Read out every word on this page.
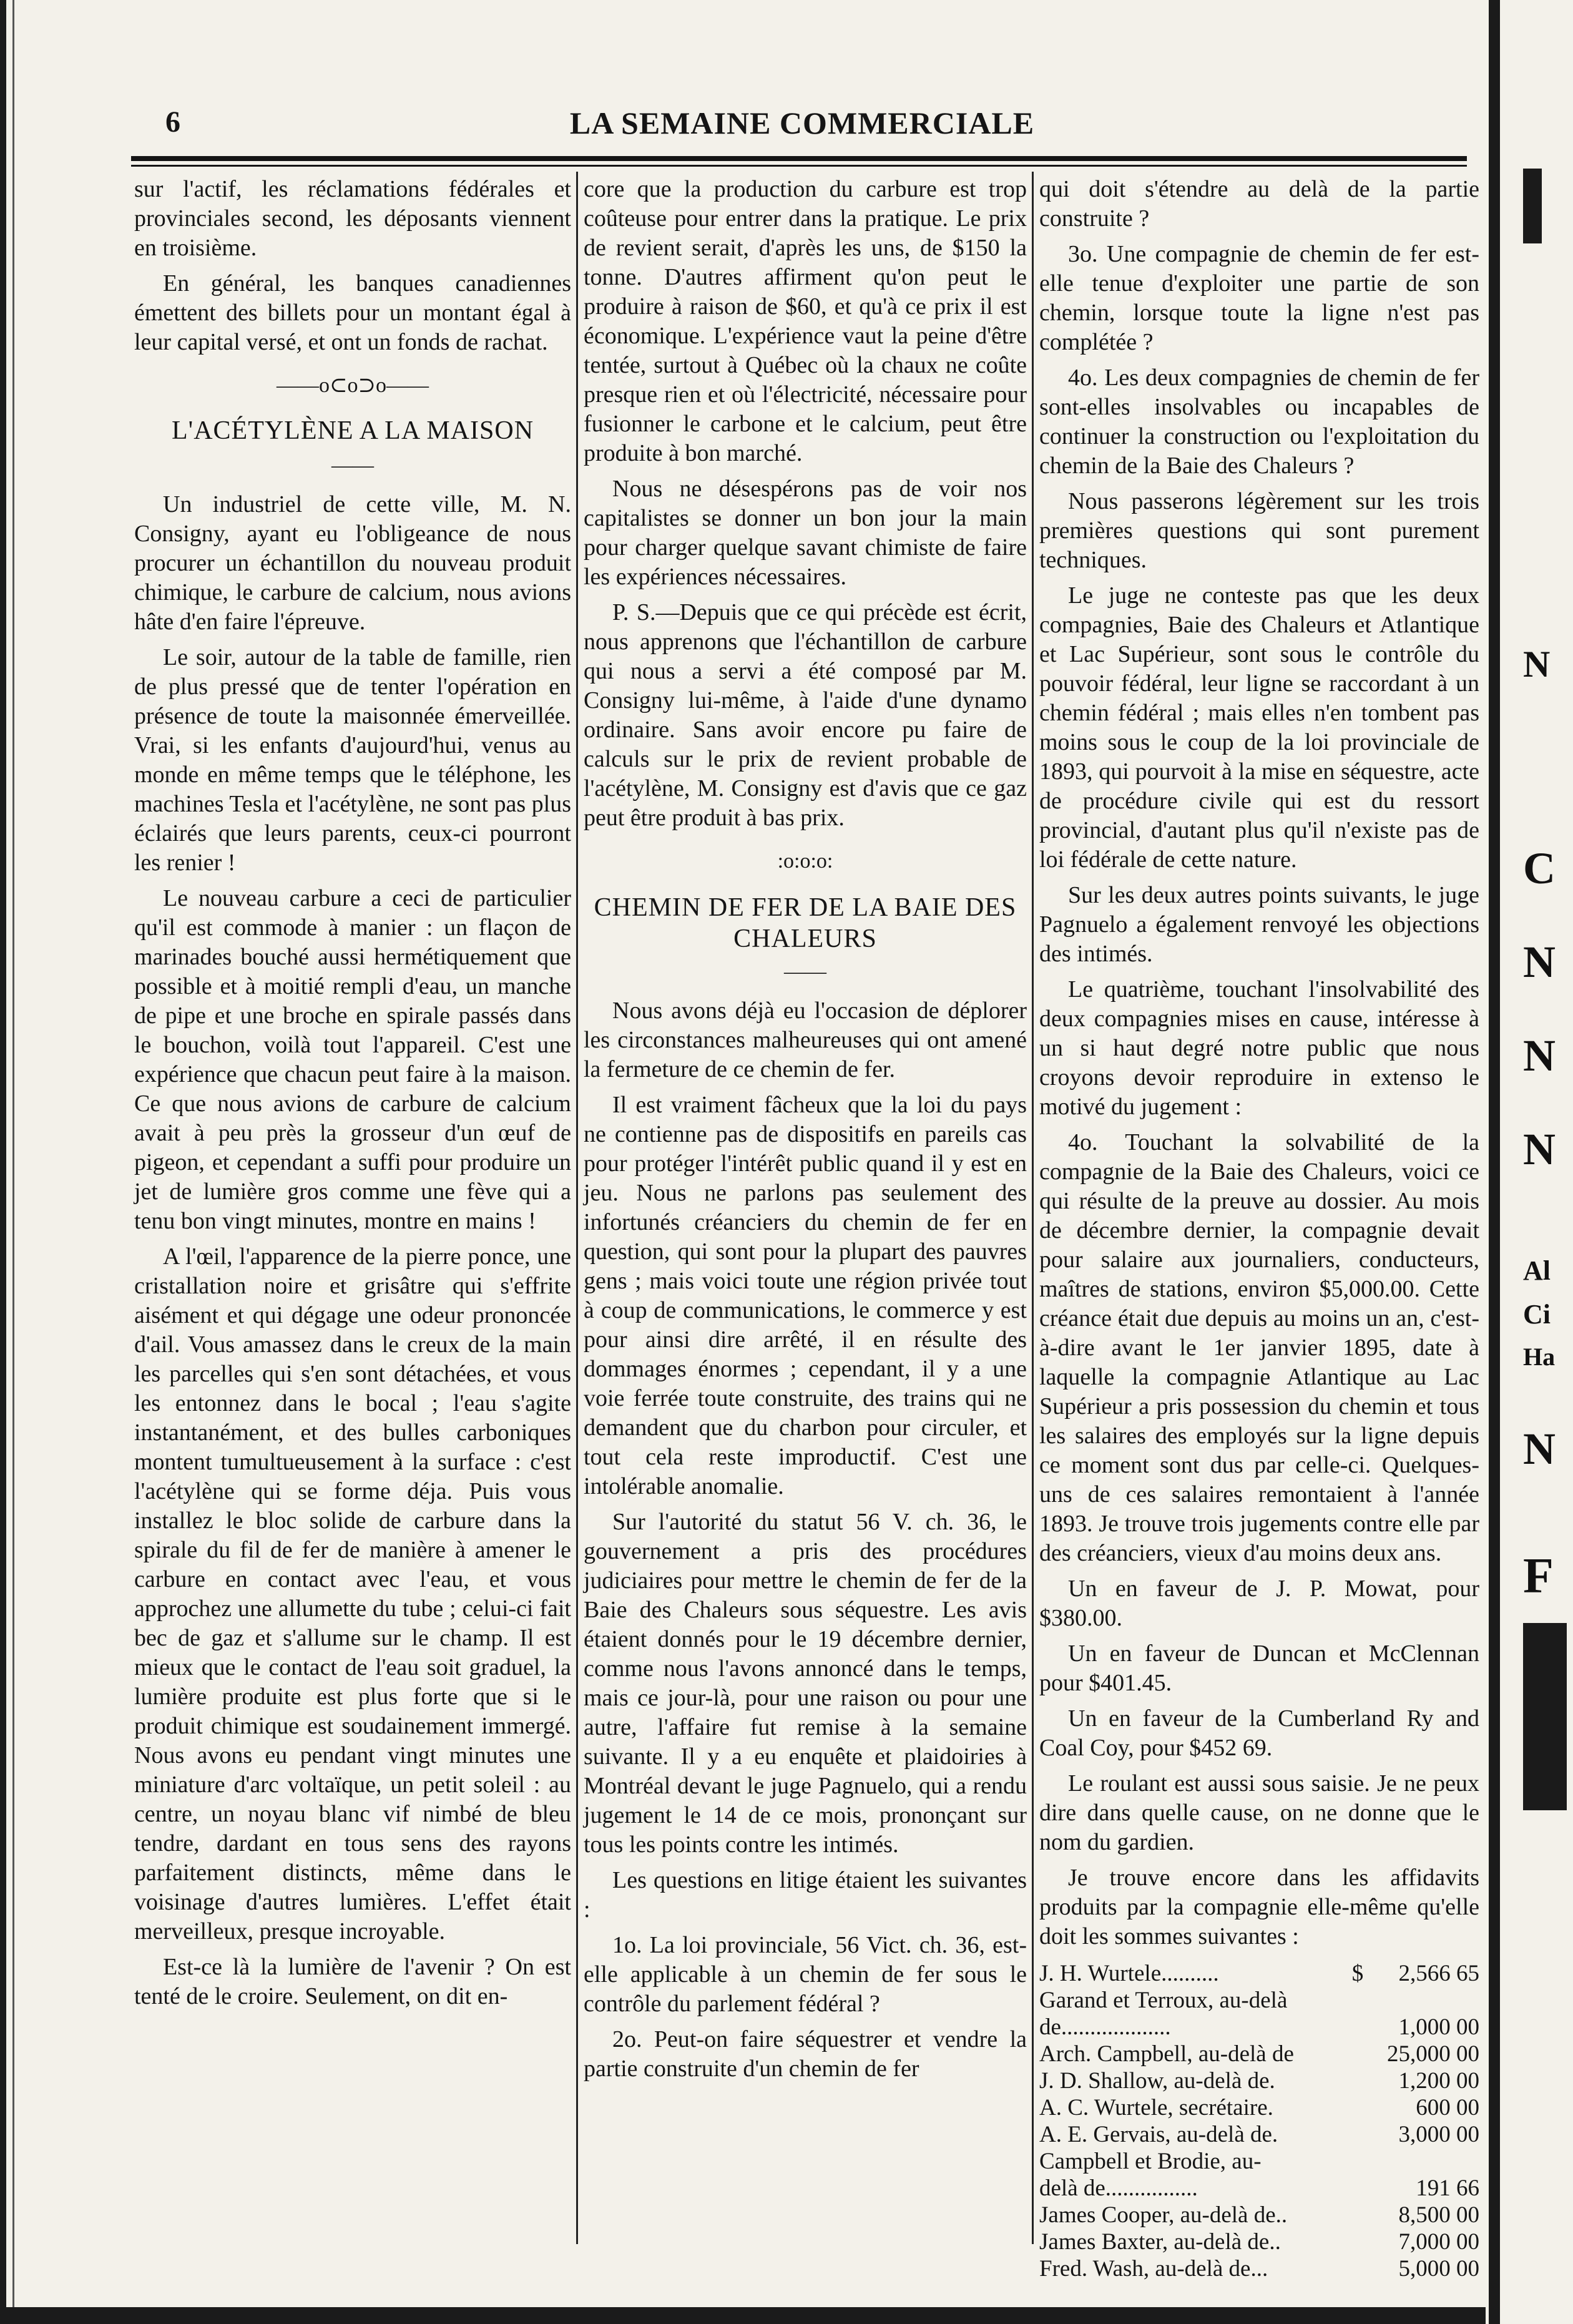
6	LA SEMAINE COMMERCIALE

sur l'actif, les réclamations fédérales et provinciales second, les déposants viennent en troisième.

En général, les banques canadiennes émettent des billets pour un montant égal à leur capital versé, et ont un fonds de rachat.

——o⊂o⊃o——
L'ACÉTYLÈNE A LA MAISON
——

Un industriel de cette ville, M. N. Consigny, ayant eu l'obligeance de nous procurer un échantillon du nouveau produit chimique, le carbure de calcium, nous avions hâte d'en faire l'épreuve.

Le soir, autour de la table de famille, rien de plus pressé que de tenter l'opération en présence de toute la maisonnée émerveillée. Vrai, si les enfants d'aujourd'hui, venus au monde en même temps que le téléphone, les machines Tesla et l'acétylène, ne sont pas plus éclairés que leurs parents, ceux-ci pourront les renier !

Le nouveau carbure a ceci de particulier qu'il est commode à manier : un flaçon de marinades bouché aussi hermétiquement que possible et à moitié rempli d'eau, un manche de pipe et une broche en spirale passés dans le bouchon, voilà tout l'appareil. C'est une expérience que chacun peut faire à la maison. Ce que nous avions de carbure de calcium avait à peu près la grosseur d'un œuf de pigeon, et cependant a suffi pour produire un jet de lumière gros comme une fève qui a tenu bon vingt minutes, montre en mains !

A l'œil, l'apparence de la pierre ponce, une cristallation noire et grisâtre qui s'effrite aisément et qui dégage une odeur prononcée d'ail. Vous amassez dans le creux de la main les parcelles qui s'en sont détachées, et vous les entonnez dans le bocal ; l'eau s'agite instantanément, et des bulles carboniques montent tumultueusement à la surface : c'est l'acétylène qui se forme déja. Puis vous installez le bloc solide de carbure dans la spirale du fil de fer de manière à amener le carbure en contact avec l'eau, et vous approchez une allumette du tube ; celui-ci fait bec de gaz et s'allume sur le champ. Il est mieux que le contact de l'eau soit graduel, la lumière produite est plus forte que si le produit chimique est soudainement immergé. Nous avons eu pendant vingt minutes une miniature d'arc voltaïque, un petit soleil : au centre, un noyau blanc vif nimbé de bleu tendre, dardant en tous sens des rayons parfaitement distincts, même dans le voisinage d'autres lumières. L'effet était merveilleux, presque incroyable.

Est-ce là la lumière de l'avenir ? On est tenté de le croire. Seulement, on dit en-

core que la production du carbure est trop coûteuse pour entrer dans la pratique. Le prix de revient serait, d'après les uns, de $150 la tonne. D'autres affirment qu'on peut le produire à raison de $60, et qu'à ce prix il est économique. L'expérience vaut la peine d'être tentée, surtout à Québec où la chaux ne coûte presque rien et où l'électricité, nécessaire pour fusionner le carbone et le calcium, peut être produite à bon marché.

Nous ne désespérons pas de voir nos capitalistes se donner un bon jour la main pour charger quelque savant chimiste de faire les expériences nécessaires.

P. S.—Depuis que ce qui précède est écrit, nous apprenons que l'échantillon de carbure qui nous a servi a été composé par M. Consigny lui-même, à l'aide d'une dynamo ordinaire. Sans avoir encore pu faire de calculs sur le prix de revient probable de l'acétylène, M. Consigny est d'avis que ce gaz peut être produit à bas prix.

:o:o:o:
CHEMIN DE FER DE LA BAIE DES CHALEURS
——

Nous avons déjà eu l'occasion de déplorer les circonstances malheureuses qui ont amené la fermeture de ce chemin de fer.

Il est vraiment fâcheux que la loi du pays ne contienne pas de dispositifs en pareils cas pour protéger l'intérêt public quand il y est en jeu. Nous ne parlons pas seulement des infortunés créanciers du chemin de fer en question, qui sont pour la plupart des pauvres gens ; mais voici toute une région privée tout à coup de communications, le commerce y est pour ainsi dire arrêté, il en résulte des dommages énormes ; cependant, il y a une voie ferrée toute construite, des trains qui ne demandent que du charbon pour circuler, et tout cela reste improductif. C'est une intolérable anomalie.

Sur l'autorité du statut 56 V. ch. 36, le gouvernement a pris des procédures judiciaires pour mettre le chemin de fer de la Baie des Chaleurs sous séquestre. Les avis étaient donnés pour le 19 décembre dernier, comme nous l'avons annoncé dans le temps, mais ce jour-là, pour une raison ou pour une autre, l'affaire fut remise à la semaine suivante. Il y a eu enquête et plaidoiries à Montréal devant le juge Pagnuelo, qui a rendu jugement le 14 de ce mois, prononçant sur tous les points contre les intimés.

Les questions en litige étaient les suivantes :

1o. La loi provinciale, 56 Vict. ch. 36, est-elle applicable à un chemin de fer sous le contrôle du parlement fédéral ?

2o. Peut-on faire séquestrer et vendre la partie construite d'un chemin de fer

qui doit s'étendre au delà de la partie construite ?

3o. Une compagnie de chemin de fer est-elle tenue d'exploiter une partie de son chemin, lorsque toute la ligne n'est pas complétée ?

4o. Les deux compagnies de chemin de fer sont-elles insolvables ou incapables de continuer la construction ou l'exploitation du chemin de la Baie des Chaleurs ?

Nous passerons légèrement sur les trois premières questions qui sont purement techniques.

Le juge ne conteste pas que les deux compagnies, Baie des Chaleurs et Atlantique et Lac Supérieur, sont sous le contrôle du pouvoir fédéral, leur ligne se raccordant à un chemin fédéral ; mais elles n'en tombent pas moins sous le coup de la loi provinciale de 1893, qui pourvoit à la mise en séquestre, acte de procédure civile qui est du ressort provincial, d'autant plus qu'il n'existe pas de loi fédérale de cette nature.

Sur les deux autres points suivants, le juge Pagnuelo a également renvoyé les objections des intimés.

Le quatrième, touchant l'insolvabilité des deux compagnies mises en cause, intéresse à un si haut degré notre public que nous croyons devoir reproduire in extenso le motivé du jugement :

4o. Touchant la solvabilité de la compagnie de la Baie des Chaleurs, voici ce qui résulte de la preuve au dossier. Au mois de décembre dernier, la compagnie devait pour salaire aux journaliers, conducteurs, maîtres de stations, environ $5,000.00. Cette créance était due depuis au moins un an, c'est-à-dire avant le 1er janvier 1895, date à laquelle la compagnie Atlantique au Lac Supérieur a pris possession du chemin et tous les salaires des employés sur la ligne depuis ce moment sont dus par celle-ci. Quelques-uns de ces salaires remontaient à l'année 1893. Je trouve trois jugements contre elle par des créanciers, vieux d'au moins deux ans.

Un en faveur de J. P. Mowat, pour $380.00.

Un en faveur de Duncan et McClennan pour $401.45.

Un en faveur de la Cumberland Ry and Coal Coy, pour $452 69.

Le roulant est aussi sous saisie. Je ne peux dire dans quelle cause, on ne donne que le nom du gardien.

Je trouve encore dans les affidavits produits par la compagnie elle-même qu'elle doit les sommes suivantes :

J. H. Wurtele..........	$	2,566 65
Garand et Terroux, au-delà
de...................	1,000 00
Arch. Campbell, au-delà de	25,000 00
J. D. Shallow, au-delà de.	1,200 00
A. C. Wurtele, secrétaire.	600 00
A. E. Gervais, au-delà de.	3,000 00
Campbell et Brodie, au-
delà de................	191 66
James Cooper, au-delà de..	8,500 00
James Baxter, au-delà de..	7,000 00
Fred. Wash, au-delà de...	5,000 00
N
C
N
N
N
Al
Ci
Ha
N
F
